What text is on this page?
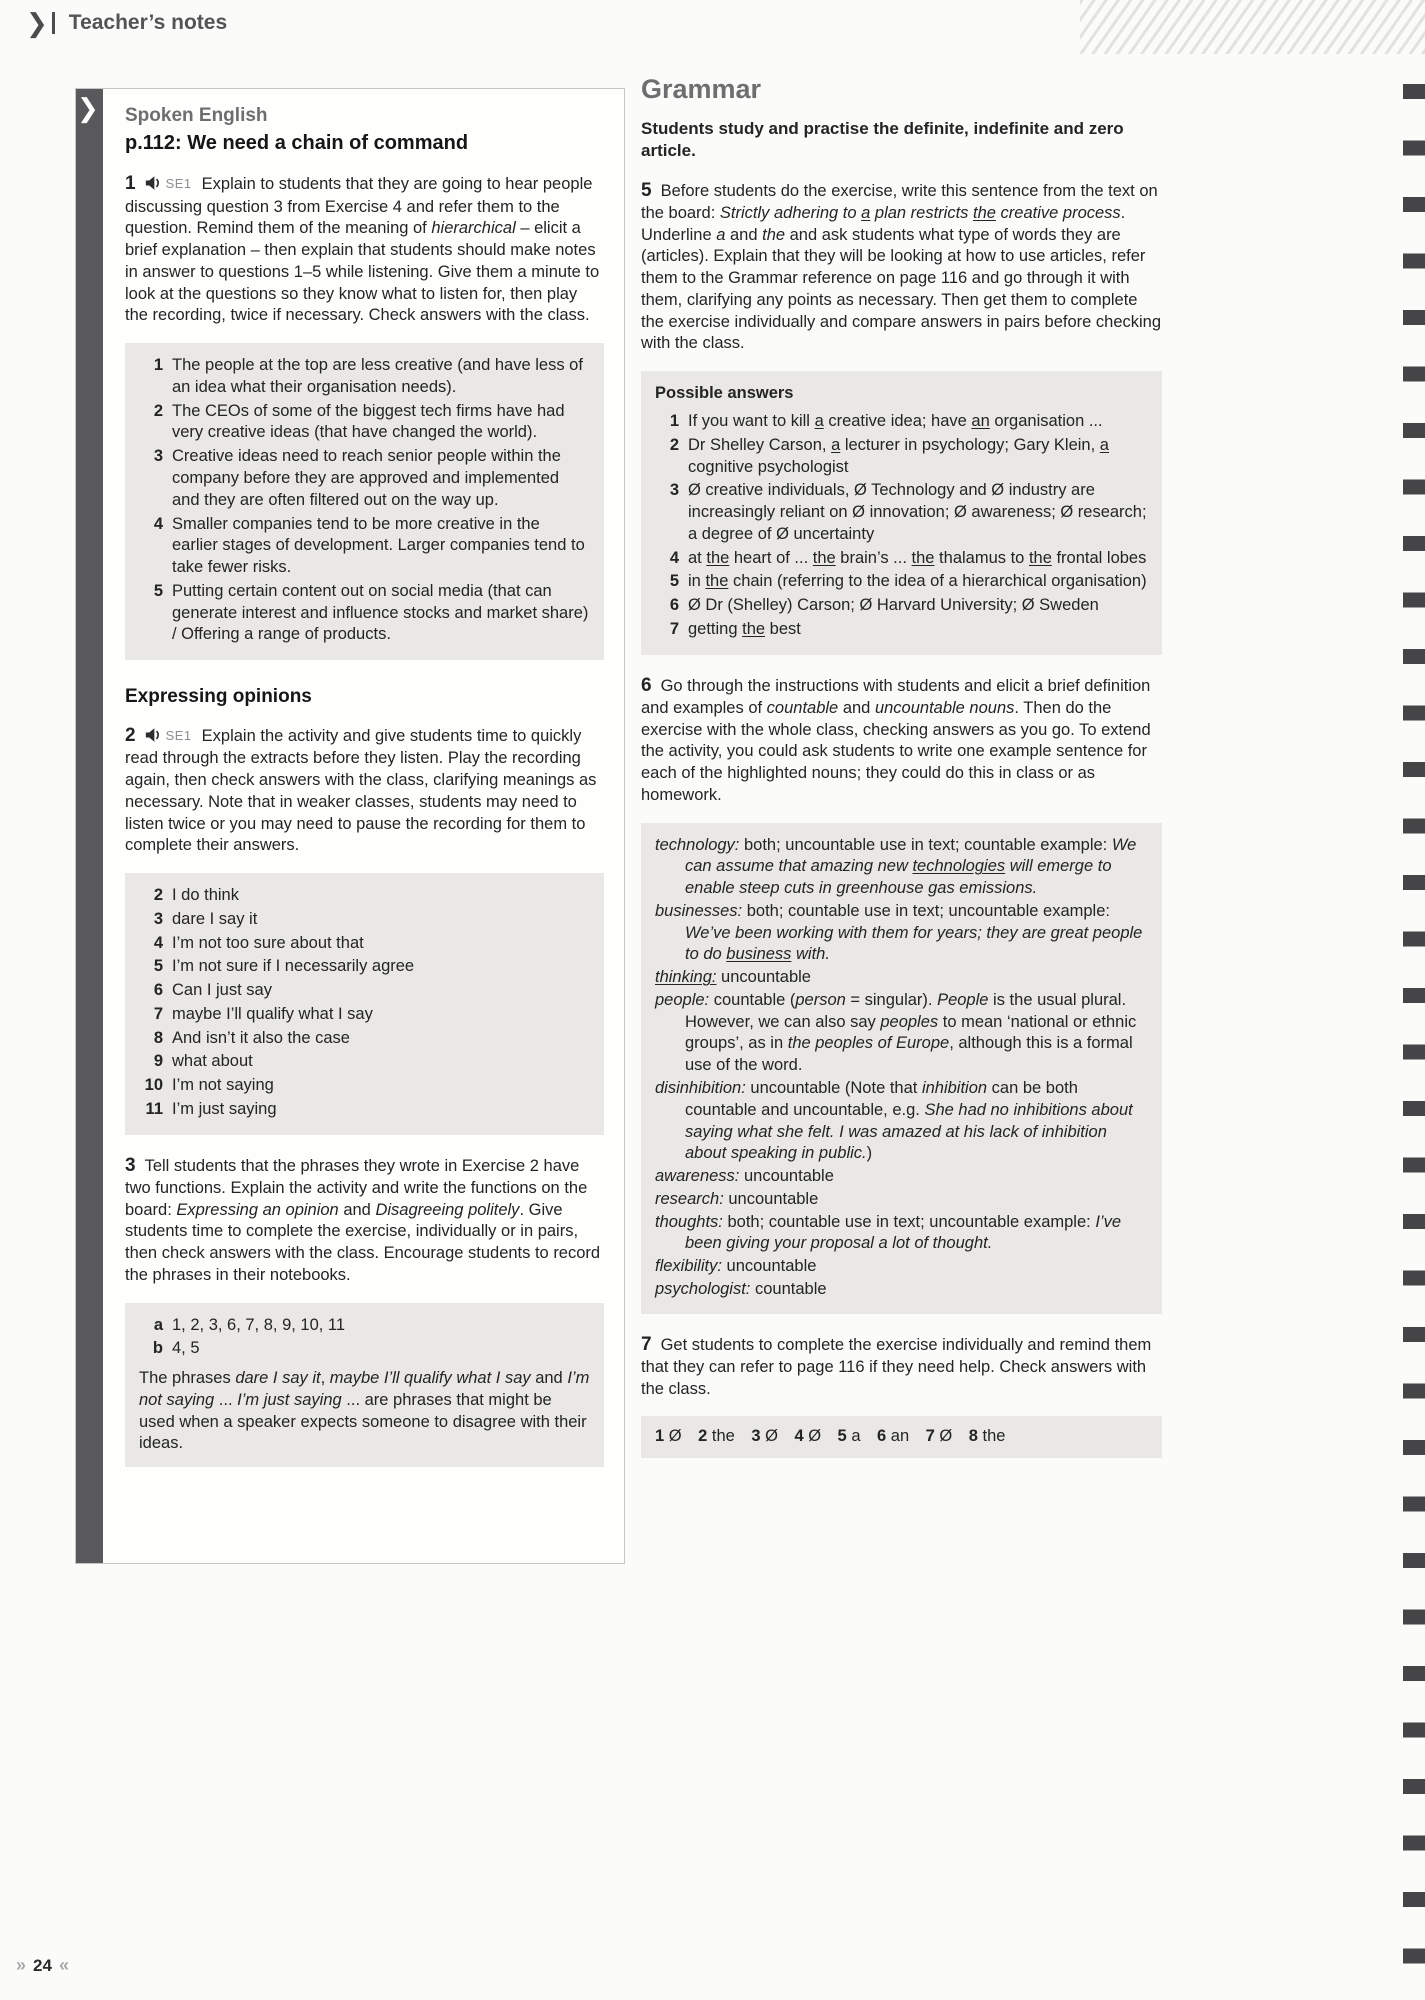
❯	Teacher’s notes
❯ Spoken English
p.112: We need a chain of command

1 SE1 Explain to students that they are going to hear people discussing question 3 from Exercise 4 and refer them to the question. Remind them of the meaning of hierarchical – elicit a brief explanation – then explain that students should make notes in answer to questions 1–5 while listening. Give them a minute to look at the questions so they know what to listen for, then play the recording, twice if necessary. Check answers with the class.

1 The people at the top are less creative (and have less of an idea what their organisation needs).
2 The CEOs of some of the biggest tech firms have had very creative ideas (that have changed the world).
3 Creative ideas need to reach senior people within the company before they are approved and implemented and they are often filtered out on the way up.
4 Smaller companies tend to be more creative in the earlier stages of development. Larger companies tend to take fewer risks.
5 Putting certain content out on social media (that can generate interest and influence stocks and market share) / Offering a range of products.
Expressing opinions

2 SE1 Explain the activity and give students time to quickly read through the extracts before they listen. Play the recording again, then check answers with the class, clarifying meanings as necessary. Note that in weaker classes, students may need to listen twice or you may need to pause the recording for them to complete their answers.

2 I do think
3 dare I say it
4 I’m not too sure about that
5 I’m not sure if I necessarily agree
6 Can I just say
7 maybe I’ll qualify what I say
8 And isn’t it also the case
9 what about
10 I’m not saying
11 I’m just saying

3 Tell students that the phrases they wrote in Exercise 2 have two functions. Explain the activity and write the functions on the board: Expressing an opinion and Disagreeing politely. Give students time to complete the exercise, individually or in pairs, then check answers with the class. Encourage students to record the phrases in their notebooks.

a 1, 2, 3, 6, 7, 8, 9, 10, 11
b 4, 5

The phrases dare I say it, maybe I’ll qualify what I say and I’m not saying ... I’m just saying ... are phrases that might be used when a speaker expects someone to disagree with their ideas.

Grammar

Students study and practise the definite, indefinite and zero article.

5 Before students do the exercise, write this sentence from the text on the board: Strictly adhering to a plan restricts the creative process. Underline a and the and ask students what type of words they are (articles). Explain that they will be looking at how to use articles, refer them to the Grammar reference on page 116 and go through it with them, clarifying any points as necessary. Then get them to complete the exercise individually and compare answers in pairs before checking with the class.

Possible answers
1 If you want to kill a creative idea; have an organisation ...
2 Dr Shelley Carson, a lecturer in psychology; Gary Klein, a cognitive psychologist
3 Ø creative individuals, Ø Technology and Ø industry are increasingly reliant on Ø innovation; Ø awareness; Ø research; a degree of Ø uncertainty
4 at the heart of ... the brain’s ... the thalamus to the frontal lobes
5 in the chain (referring to the idea of a hierarchical organisation)
6 Ø Dr (Shelley) Carson; Ø Harvard University; Ø Sweden
7 getting the best

6 Go through the instructions with students and elicit a brief definition and examples of countable and uncountable nouns. Then do the exercise with the whole class, checking answers as you go. To extend the activity, you could ask students to write one example sentence for each of the highlighted nouns; they could do this in class or as homework.

technology: both; uncountable use in text; countable example: We can assume that amazing new technologies will emerge to enable steep cuts in greenhouse gas emissions.
businesses: both; countable use in text; uncountable example: We’ve been working with them for years; they are great people to do business with.
thinking: uncountable
people: countable (person = singular). People is the usual plural. However, we can also say peoples to mean ‘national or ethnic groups’, as in the peoples of Europe, although this is a formal use of the word.
disinhibition: uncountable (Note that inhibition can be both countable and uncountable, e.g. She had no inhibitions about saying what she felt. I was amazed at his lack of inhibition about speaking in public.)
awareness: uncountable
research: uncountable
thoughts: both; countable use in text; uncountable example: I’ve been giving your proposal a lot of thought.
flexibility: uncountable
psychologist: countable

7 Get students to complete the exercise individually and remind them that they can refer to page 116 if they need help. Check answers with the class.

1 Ø 2 the 3 Ø 4 Ø 5 a 6 an 7 Ø 8 the
» 24 «
